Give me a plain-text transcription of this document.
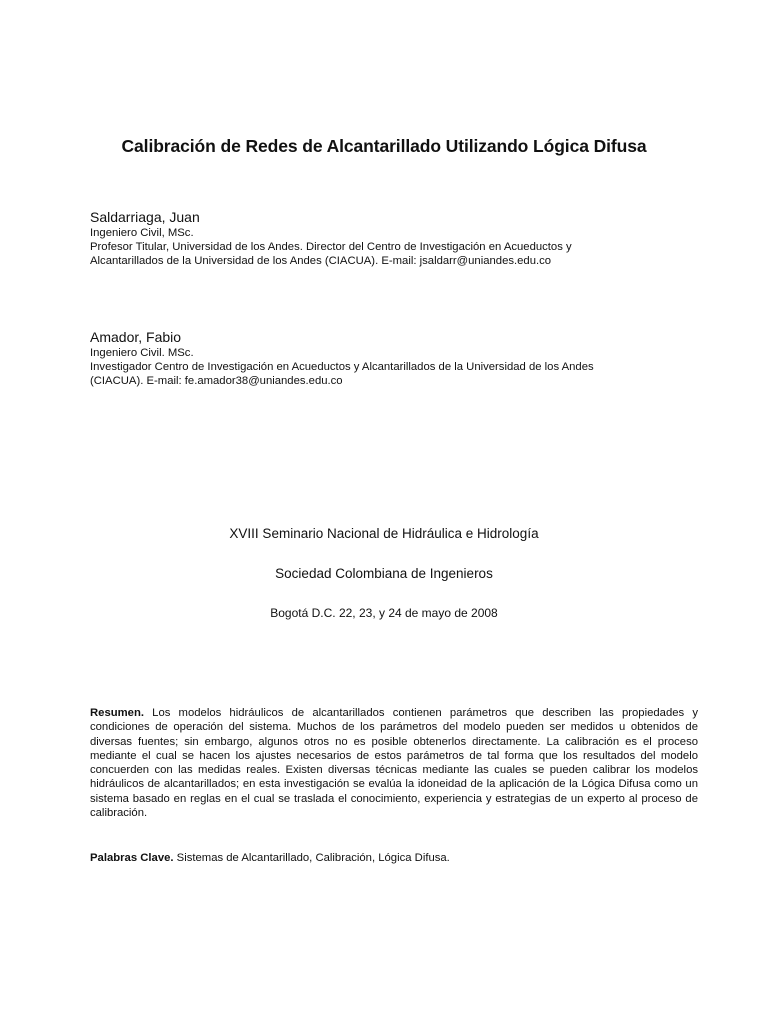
Calibración de Redes de Alcantarillado Utilizando Lógica Difusa

Saldarriaga, Juan

Ingeniero Civil, MSc.

Profesor Titular, Universidad de los Andes. Director del Centro de Investigación en Acueductos y

Alcantarillados de la Universidad de los Andes (CIACUA). E-mail: jsaldarr@uniandes.edu.co

Amador, Fabio

Ingeniero Civil. MSc.

Investigador Centro de Investigación en Acueductos y Alcantarillados de la Universidad de los Andes

(CIACUA). E-mail: fe.amador38@uniandes.edu.co

XVIII Seminario Nacional de Hidráulica e Hidrología
Sociedad Colombiana de Ingenieros
Bogotá D.C. 22, 23, y 24 de mayo de 2008

Resumen. Los modelos hidráulicos de alcantarillados contienen parámetros que describen las propiedades y condiciones de operación del sistema. Muchos de los parámetros del modelo pueden ser medidos u obtenidos de diversas fuentes; sin embargo, algunos otros no es posible obtenerlos directamente. La calibración es el proceso mediante el cual se hacen los ajustes necesarios de estos parámetros de tal forma que los resultados del modelo concuerden con las medidas reales. Existen diversas técnicas mediante las cuales se pueden calibrar los modelos hidráulicos de alcantarillados; en esta investigación se evalúa la idoneidad de la aplicación de la Lógica Difusa como un sistema basado en reglas en el cual se traslada el conocimiento, experiencia y estrategias de un experto al proceso de calibración.

Palabras Clave. Sistemas de Alcantarillado, Calibración, Lógica Difusa.
